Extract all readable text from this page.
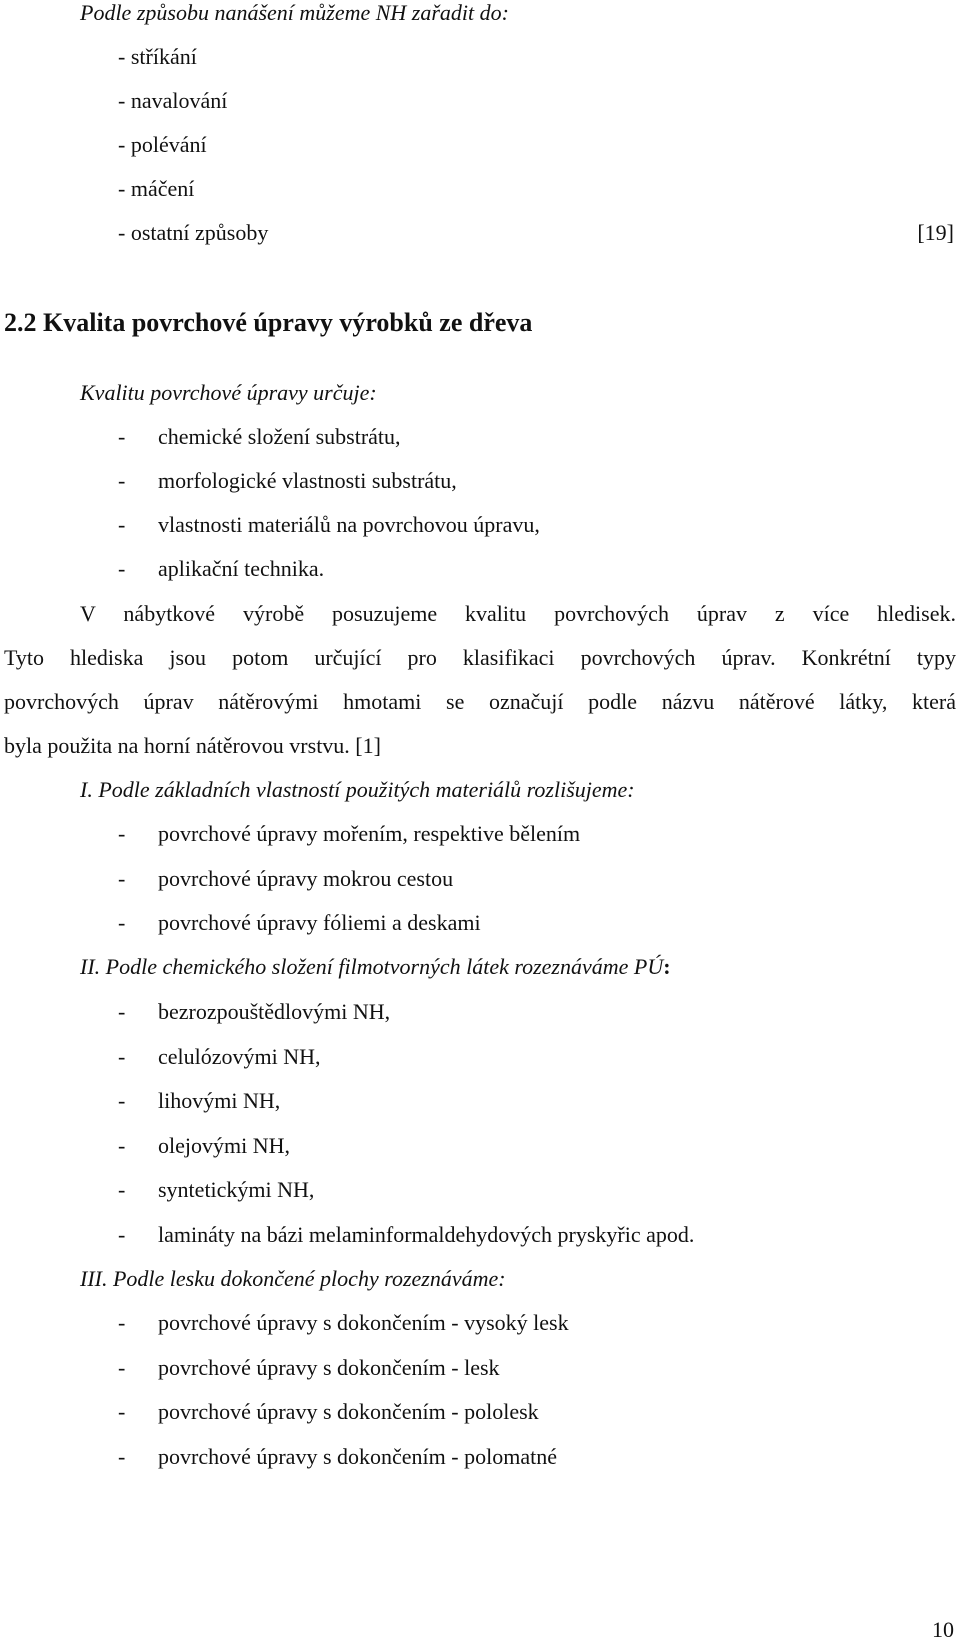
Podle způsobu nanášení můžeme NH zařadit do:
- stříkání
- navalování
- polévání
- máčení
- ostatní způsoby	[19]
2.2 Kvalita povrchové úpravy výrobků ze dřeva
Kvalitu povrchové úpravy určuje:
- chemické složení substrátu,
- morfologické vlastnosti substrátu,
- vlastnosti materiálů na povrchovou úpravu,
- aplikační technika.
V nábytkové výrobě posuzujeme kvalitu povrchových úprav z více hledisek.
Tyto hlediska jsou potom určující pro klasifikaci povrchových úprav. Konkrétní typy
povrchových úprav nátěrovými hmotami se označují podle názvu nátěrové látky, která
byla použita na horní nátěrovou vrstvu. [1]
I. Podle základních vlastností použitých materiálů rozlišujeme:
- povrchové úpravy mořením, respektive bělením
- povrchové úpravy mokrou cestou
- povrchové úpravy fóliemi a deskami
II. Podle chemického složení filmotvorných látek rozeznáváme PÚ:
- bezrozpouštědlovými NH,
- celulózovými NH,
- lihovými NH,
- olejovými NH,
- syntetickými NH,
- lamináty na bázi melaminformaldehydových pryskyřic apod.
III. Podle lesku dokončené plochy rozeznáváme:
- povrchové úpravy s dokončením - vysoký lesk
- povrchové úpravy s dokončením - lesk
- povrchové úpravy s dokončením - pololesk
- povrchové úpravy s dokončením - polomatné
10
